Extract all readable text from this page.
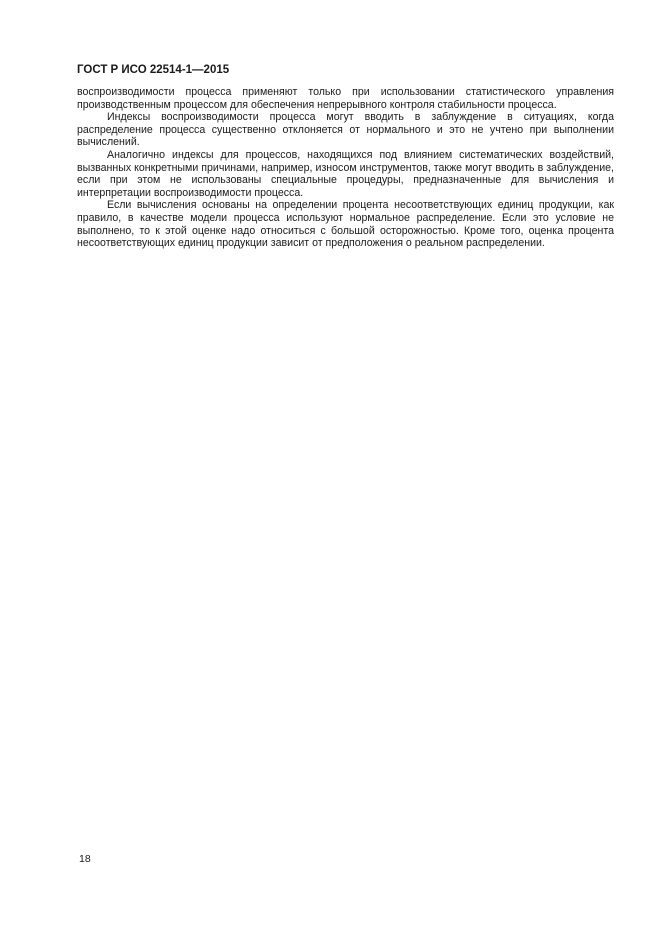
ГОСТ Р ИСО 22514-1—2015

воспроизводимости процесса применяют только при использовании статистического управления производственным процессом для обеспечения непрерывного контроля стабильности процесса.

Индексы воспроизводимости процесса могут вводить в заблуждение в ситуациях, когда распределение процесса существенно отклоняется от нормального и это не учтено при выполнении вычислений.

Аналогично индексы для процессов, находящихся под влиянием систематических воздействий, вызванных конкретными причинами, например, износом инструментов, также могут вводить в заблуждение, если при этом не использованы специальные процедуры, предназначенные для вычисления и интерпретации воспроизводимости процесса.

Если вычисления основаны на определении процента несоответствующих единиц продукции, как правило, в качестве модели процесса используют нормальное распределение. Если это условие не выполнено, то к этой оценке надо относиться с большой осторожностью. Кроме того, оценка процента несоответствующих единиц продукции зависит от предположения о реальном распределении.

18
